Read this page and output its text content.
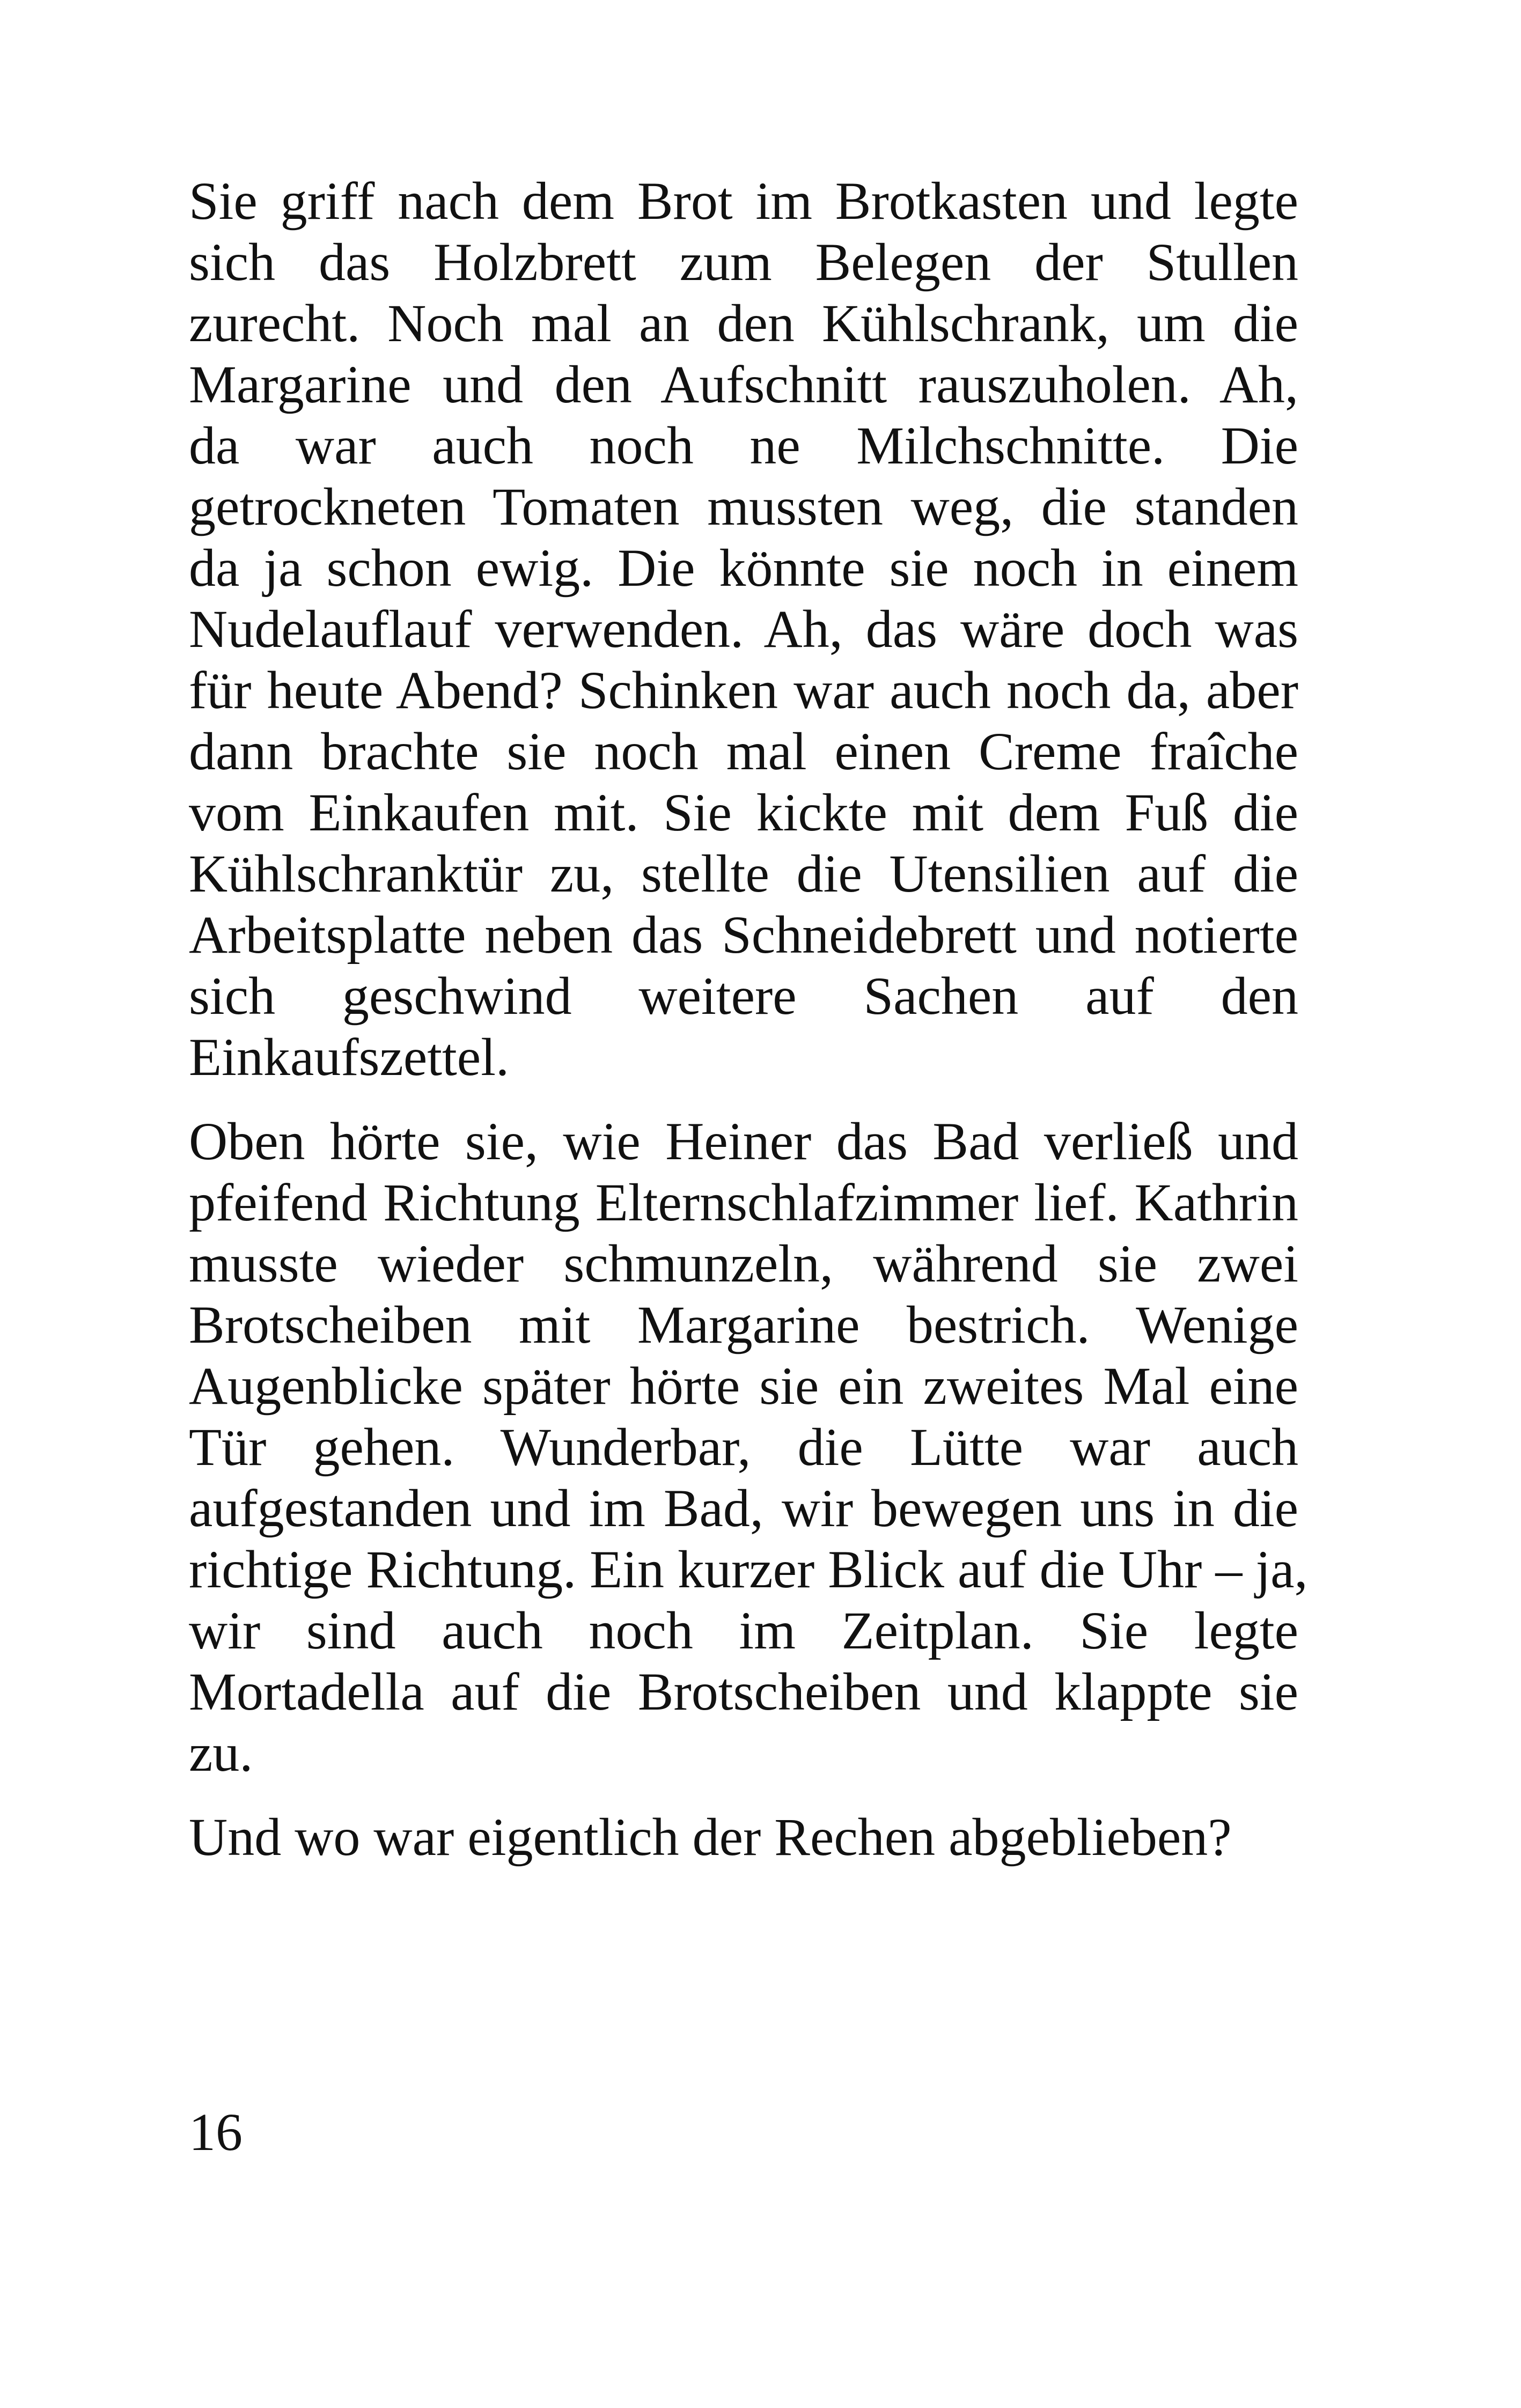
Sie griff nach dem Brot im Brotkasten und legte
sich das Holzbrett zum Belegen der Stullen
zurecht. Noch mal an den Kühlschrank, um die
Margarine und den Aufschnitt rauszuholen. Ah,
da war auch noch ne Milchschnitte. Die
getrockneten Tomaten mussten weg, die standen
da ja schon ewig. Die könnte sie noch in einem
Nudelauflauf verwenden. Ah, das wäre doch was
für heute Abend? Schinken war auch noch da, aber
dann brachte sie noch mal einen Creme fraîche
vom Einkaufen mit. Sie kickte mit dem Fuß die
Kühlschranktür zu, stellte die Utensilien auf die
Arbeitsplatte neben das Schneidebrett und notierte
sich geschwind weitere Sachen auf den
Einkaufszettel.
Oben hörte sie, wie Heiner das Bad verließ und
pfeifend Richtung Elternschlafzimmer lief. Kathrin
musste wieder schmunzeln, während sie zwei
Brotscheiben mit Margarine bestrich. Wenige
Augenblicke später hörte sie ein zweites Mal eine
Tür gehen. Wunderbar, die Lütte war auch
aufgestanden und im Bad, wir bewegen uns in die
richtige Richtung. Ein kurzer Blick auf die Uhr – ja,
wir sind auch noch im Zeitplan. Sie legte
Mortadella auf die Brotscheiben und klappte sie
zu.
Und wo war eigentlich der Rechen abgeblieben?
16
